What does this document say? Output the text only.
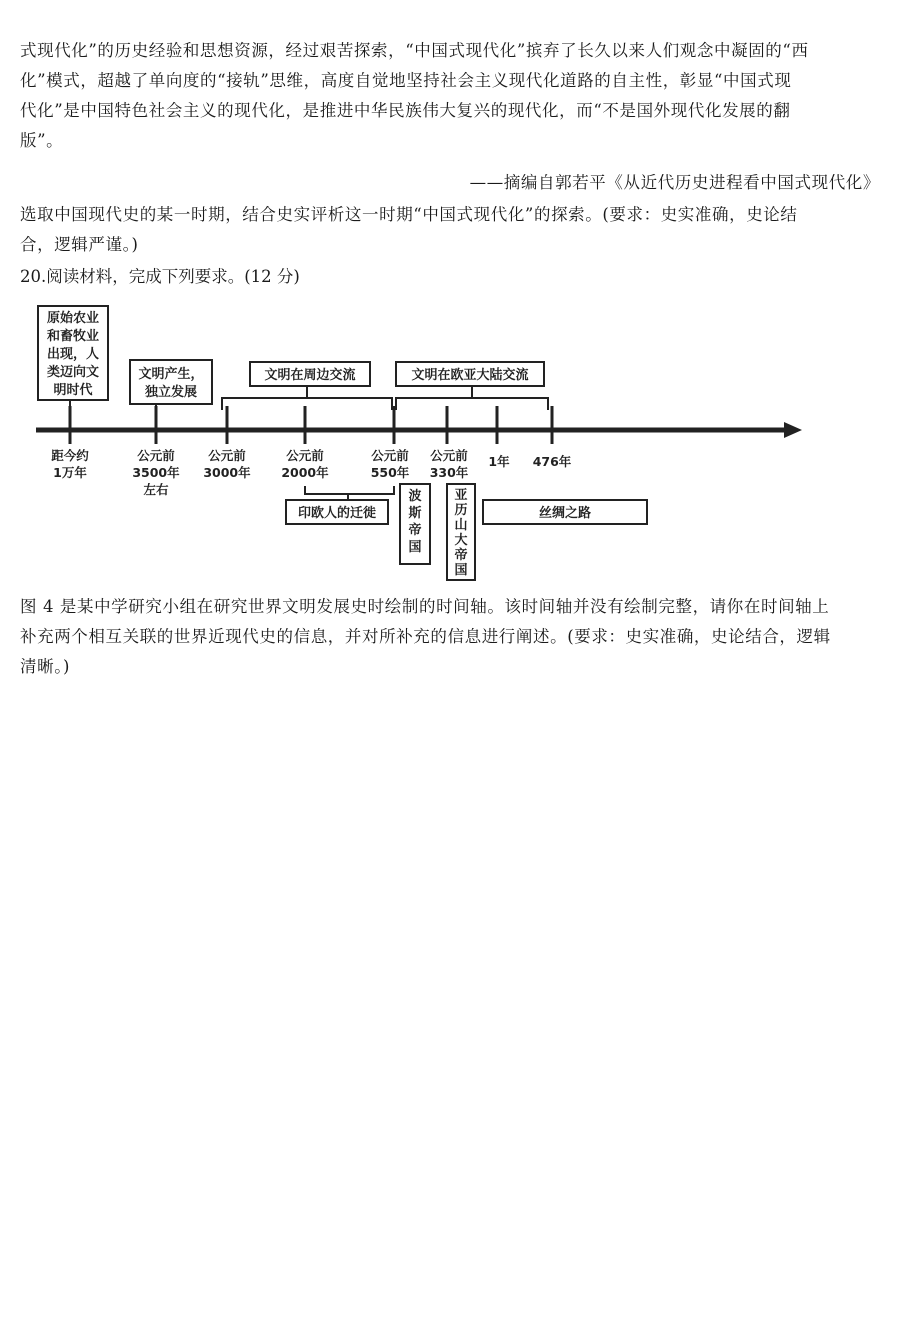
式现代化”的历史经验和思想资源，经过艰苦探索，“中国式现代化”摈弃了长久以来人们观念中凝固的“西
化”模式，超越了单向度的“接轨”思维，高度自觉地坚持社会主义现代化道路的自主性，彰显“中国式现
代化”是中国特色社会主义的现代化，是推进中华民族伟大复兴的现代化，而“不是国外现代化发展的翻
版”。
——摘编自郭若平《从近代历史进程看中国式现代化》
选取中国现代史的某一时期，结合史实评析这一时期“中国式现代化”的探索。(要求：史实准确，史论结
合，逻辑严谨。)
20.阅读材料，完成下列要求。(12 分)
原始农业
和畜牧业
出现，人
类迈向文
明时代
文明产生，
独立发展
文明在周边交流	文明在欧亚大陆交流
距今约
1万年
公元前
3500年
左右
公元前
3000年
公元前
2000年
公元前
550年
公元前
330年
1年 476年
印欧人的迁徙	丝绸之路
波
斯
帝
国
亚
历
山
大
帝
国
图 4 是某中学研究小组在研究世界文明发展史时绘制的时间轴。该时间轴并没有绘制完整，请你在时间轴上
补充两个相互关联的世界近现代史的信息，并对所补充的信息进行阐述。(要求：史实准确，史论结合，逻辑
清晰。)
